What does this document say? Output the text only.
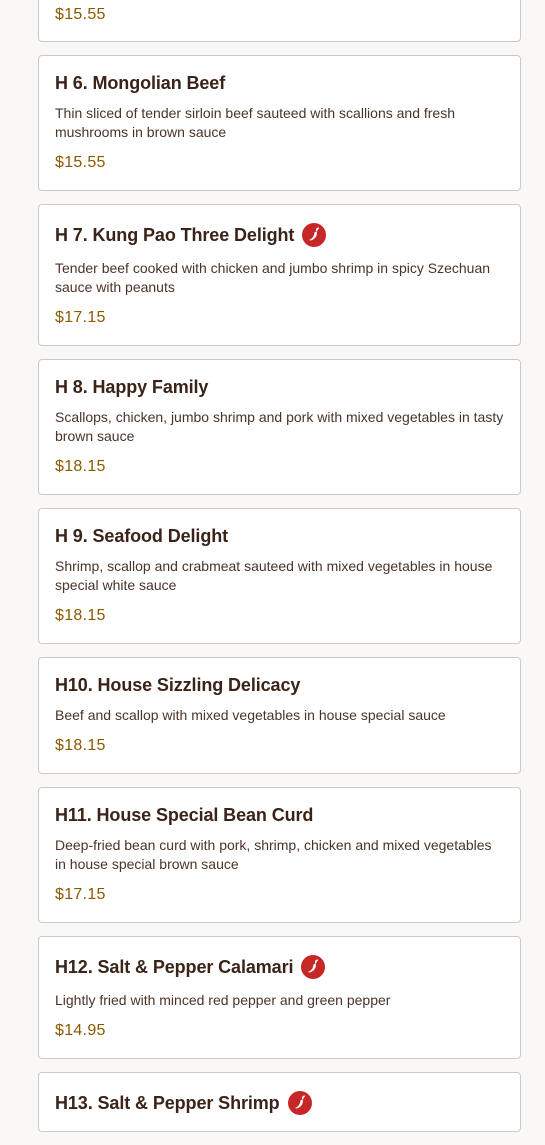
$15.55
H 6. Mongolian Beef
Thin sliced of tender sirloin beef sauteed with scallions and fresh mushrooms in brown sauce
$15.55
H 7. Kung Pao Three Delight
Tender beef cooked with chicken and jumbo shrimp in spicy Szechuan sauce with peanuts
$17.15
H 8. Happy Family
Scallops, chicken, jumbo shrimp and pork with mixed vegetables in tasty brown sauce
$18.15
H 9. Seafood Delight
Shrimp, scallop and crabmeat sauteed with mixed vegetables in house special white sauce
$18.15
H10. House Sizzling Delicacy
Beef and scallop with mixed vegetables in house special sauce
$18.15
H11. House Special Bean Curd
Deep-fried bean curd with pork, shrimp, chicken and mixed vegetables in house special brown sauce
$17.15
H12. Salt & Pepper Calamari
Lightly fried with minced red pepper and green pepper
$14.95
H13. Salt & Pepper Shrimp
